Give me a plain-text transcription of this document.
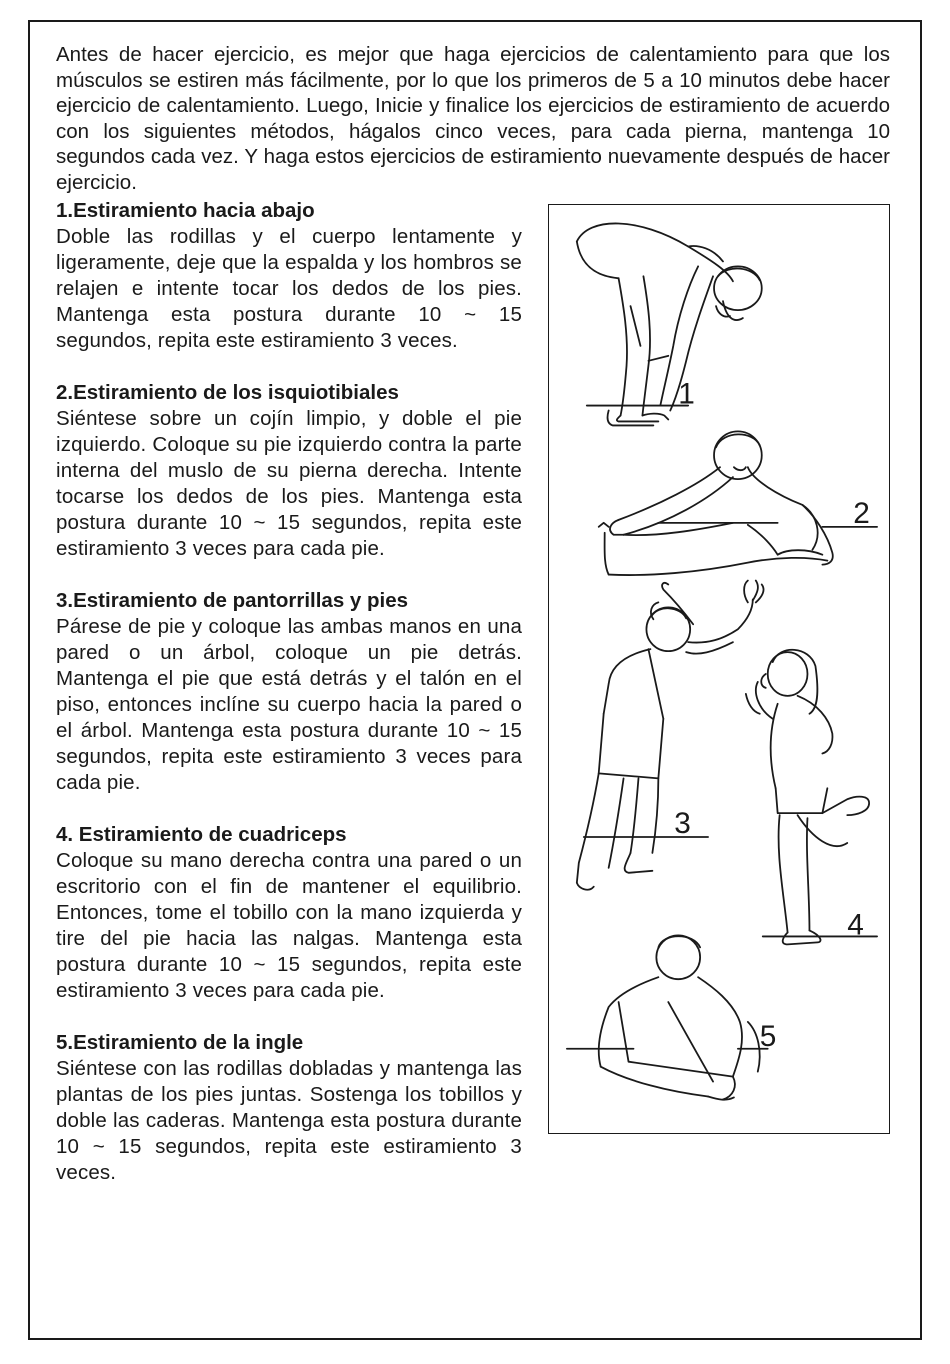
Antes de hacer ejercicio, es mejor que haga ejercicios de calentamiento para que los músculos se estiren más fácilmente, por lo que los primeros de 5 a 10 minutos debe hacer ejercicio de calentamiento. Luego, Inicie y finalice los ejercicios de estiramiento de acuerdo con los siguientes métodos, hágalos cinco veces, para cada pierna, mantenga 10 segundos cada vez. Y haga estos ejercicios de estiramiento nuevamente después de hacer ejercicio.

1.Estiramiento hacia abajo

Doble las rodillas y el cuerpo lentamente y ligeramente, deje que la espalda y los hombros se relajen e intente tocar los dedos de los pies. Mantenga esta postura durante 10 ~ 15 segundos, repita este estiramiento 3 veces.

2.Estiramiento de los isquiotibiales

Siéntese sobre un cojín limpio, y doble el pie izquierdo. Coloque su pie izquierdo contra la parte interna del muslo de su pierna derecha. Intente tocarse los dedos de los pies. Mantenga esta postura durante 10 ~ 15 segundos, repita este estiramiento 3 veces para cada pie.

3.Estiramiento de pantorrillas y pies

Párese de pie y coloque las ambas manos en una pared o un árbol, coloque un pie detrás. Mantenga el pie que está detrás y el talón en el piso, entonces inclíne su cuerpo hacia la pared o el árbol. Mantenga esta postura durante 10 ~ 15 segundos, repita este estiramiento 3 veces para cada pie.

4. Estiramiento de cuadriceps

Coloque su mano derecha contra una pared o un escritorio con el fin de mantener el equilibrio. Entonces, tome el tobillo con la mano izquierda y tire del pie hacia las nalgas. Mantenga esta postura durante 10 ~ 15 segundos, repita este estiramiento 3 veces para cada pie.

5.Estiramiento de la ingle

Siéntese con las rodillas dobladas y mantenga las plantas de los pies juntas. Sostenga los tobillos y doble las caderas. Mantenga esta postura durante 10 ~ 15 segundos, repita este estiramiento 3 veces.

1
2
3
4
5
